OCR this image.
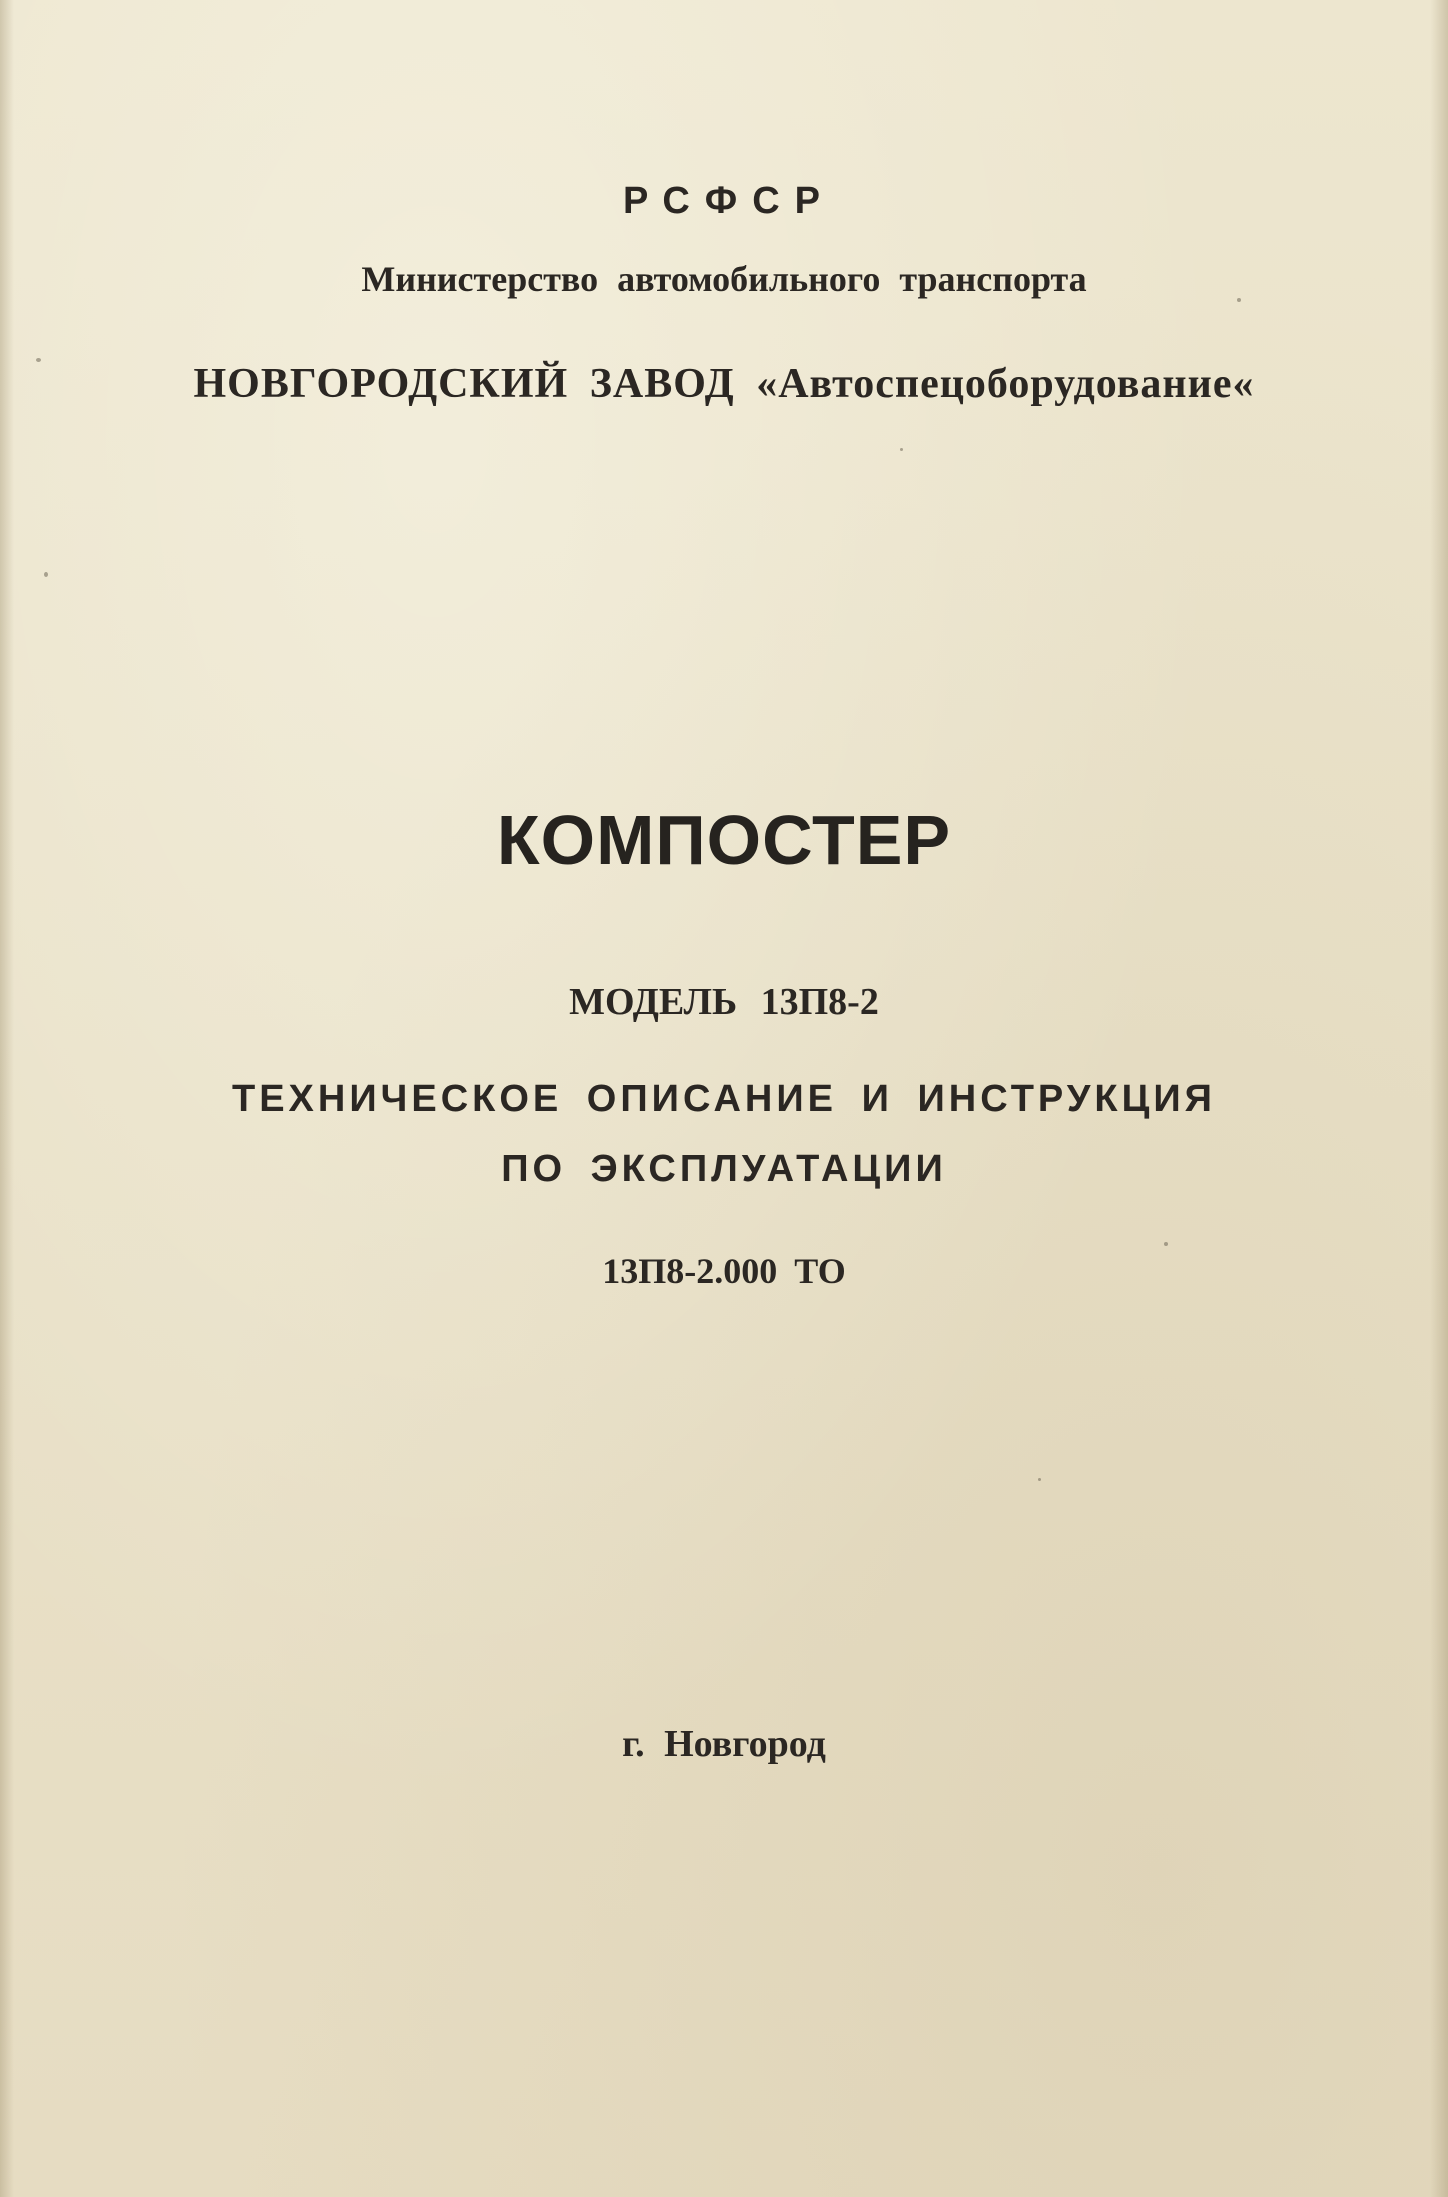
РСФСР
Министерство автомобильного транспорта
НОВГОРОДСКИЙ ЗАВОД «Автоспецоборудование«
КОМПОСТЕР
МОДЕЛЬ 13П8-2
ТЕХНИЧЕСКОЕ ОПИСАНИЕ И ИНСТРУКЦИЯ
ПО ЭКСПЛУАТАЦИИ
13П8-2.000 ТО
г. Новгород
